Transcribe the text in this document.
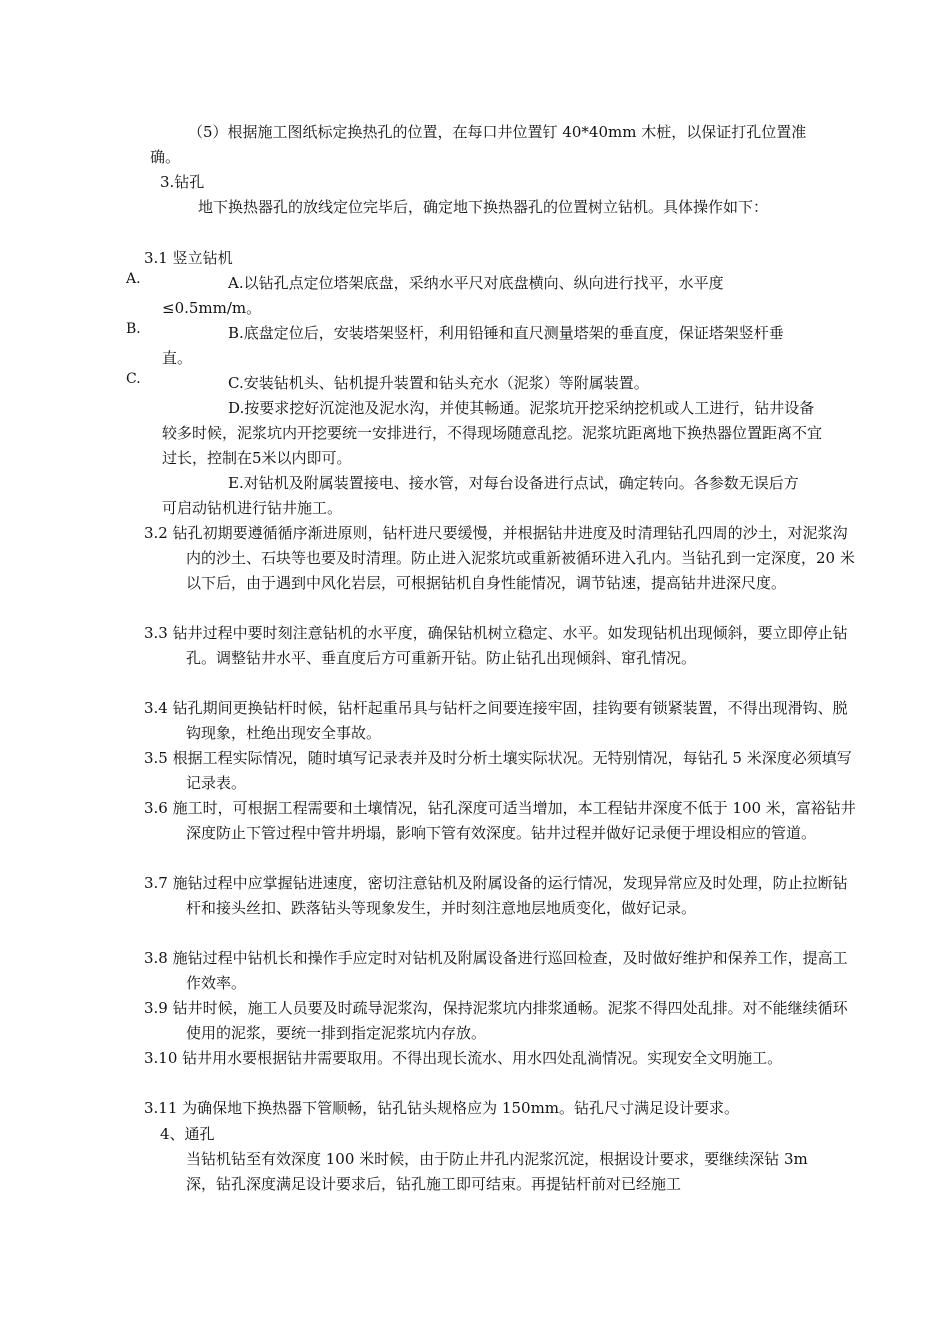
（5）根据施工图纸标定换热孔的位置，在每口井位置钉 40*40mm 木桩，以保证打孔位置准确。
3.钻孔
地下换热器孔的放线定位完毕后，确定地下换热器孔的位置树立钻机。具体操作如下：
3.1 竖立钻机
A.	A.以钻孔点定位塔架底盘，采纳水平尺对底盘横向、纵向进行找平，水平度≤0.5mm/m。
B.	B.底盘定位后，安装塔架竖杆，利用铅锤和直尺测量塔架的垂直度，保证塔架竖杆垂直。
C.	C.安装钻机头、钻机提升装置和钻头充水（泥浆）等附属装置。
D.按要求挖好沉淀池及泥水沟，并使其畅通。泥浆坑开挖采纳挖机或人工进行，钻井设备较多时候，泥浆坑内开挖要统一安排进行，不得现场随意乱挖。泥浆坑距离地下换热器位置距离不宜过长，控制在5米以内即可。
E.对钻机及附属装置接电、接水管，对每台设备进行点试，确定转向。各参数无误后方可启动钻机进行钻井施工。
3.2 钻孔初期要遵循循序渐进原则，钻杆进尺要缓慢，并根据钻井进度及时清理钻孔四周的沙土，对泥浆沟内的沙土、石块等也要及时清理。防止进入泥浆坑或重新被循环进入孔内。当钻孔到一定深度，20 米以下后，由于遇到中风化岩层，可根据钻机自身性能情况，调节钻速，提高钻井进深尺度。
3.3 钻井过程中要时刻注意钻机的水平度，确保钻机树立稳定、水平。如发现钻机出现倾斜，要立即停止钻孔。调整钻井水平、垂直度后方可重新开钻。防止钻孔出现倾斜、窜孔情况。
3.4 钻孔期间更换钻杆时候，钻杆起重吊具与钻杆之间要连接牢固，挂钩要有锁紧装置，不得出现滑钩、脱钩现象，杜绝出现安全事故。
3.5 根据工程实际情况，随时填写记录表并及时分析土壤实际状况。无特别情况，每钻孔 5 米深度必须填写记录表。
3.6 施工时，可根据工程需要和土壤情况，钻孔深度可适当增加，本工程钻井深度不低于 100 米，富裕钻井深度防止下管过程中管井坍塌，影响下管有效深度。钻井过程并做好记录便于埋设相应的管道。
3.7 施钻过程中应掌握钻进速度，密切注意钻机及附属设备的运行情况，发现异常应及时处理，防止拉断钻杆和接头丝扣、跌落钻头等现象发生，并时刻注意地层地质变化，做好记录。
3.8 施钻过程中钻机长和操作手应定时对钻机及附属设备进行巡回检查，及时做好维护和保养工作，提高工作效率。
3.9 钻井时候，施工人员要及时疏导泥浆沟，保持泥浆坑内排浆通畅。泥浆不得四处乱排。对不能继续循环使用的泥浆，要统一排到指定泥浆坑内存放。
3.10 钻井用水要根据钻井需要取用。不得出现长流水、用水四处乱淌情况。实现安全文明施工。
3.11 为确保地下换热器下管顺畅，钻孔钻头规格应为 150mm。钻孔尺寸满足设计要求。
4、通孔
当钻机钻至有效深度 100 米时候，由于防止井孔内泥浆沉淀，根据设计要求，要继续深钻 3m 深，钻孔深度满足设计要求后，钻孔施工即可结束。再提钻杆前对已经施工
